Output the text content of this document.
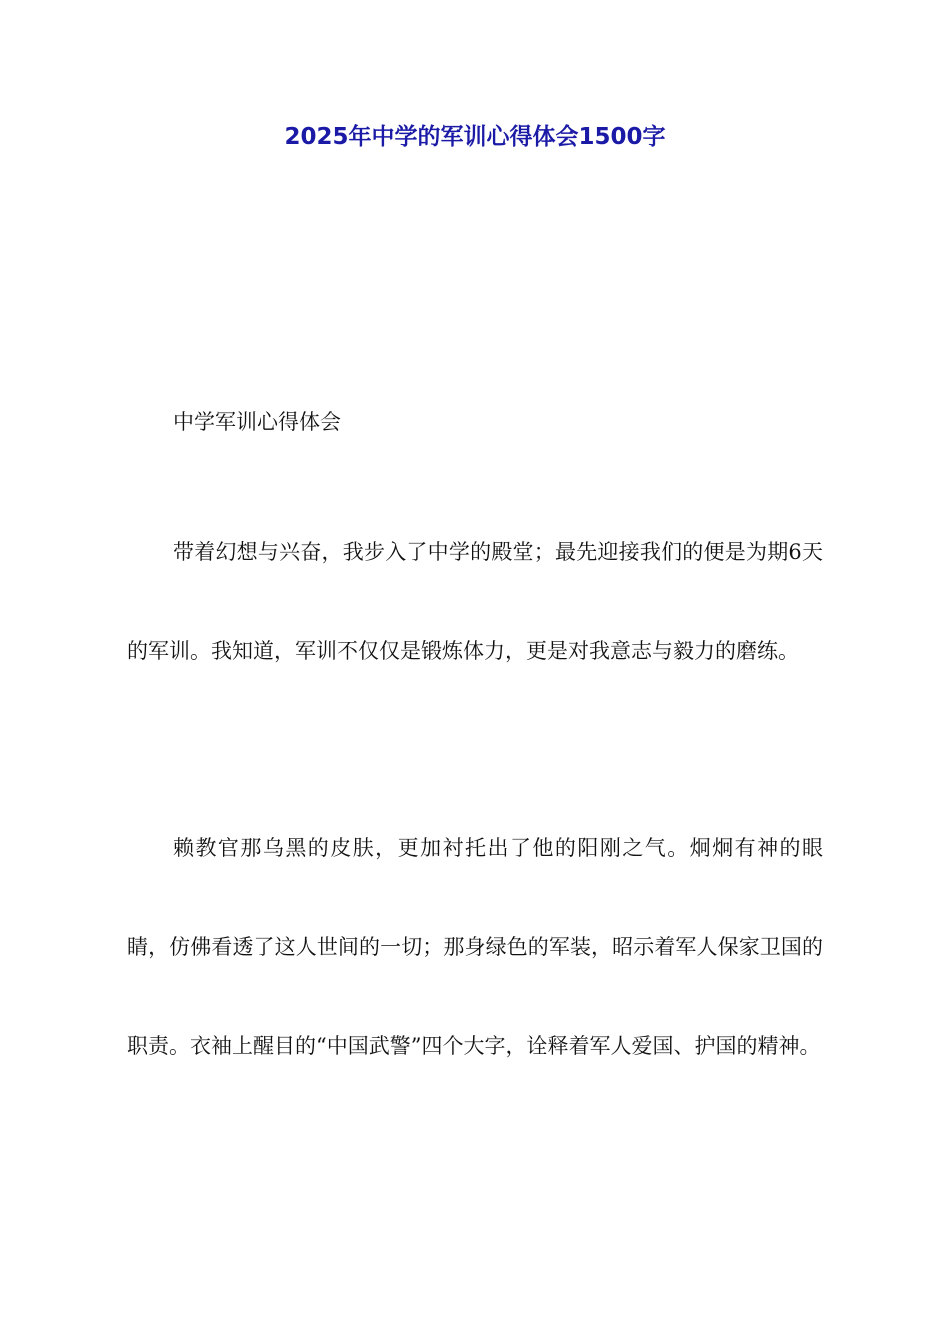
2025年中学的军训心得体会1500字

中学军训心得体会

带着幻想与兴奋，我步入了中学的殿堂；最先迎接我们的便是为期6天的军训。我知道，军训不仅仅是锻炼体力，更是对我意志与毅力的磨练。

赖教官那乌黑的皮肤，更加衬托出了他的阳刚之气。炯炯有神的眼睛，仿佛看透了这人世间的一切；那身绿色的军装，昭示着军人保家卫国的职责。衣袖上醒目的“中国武警”四个大字，诠释着军人爱国、护国的精神。
